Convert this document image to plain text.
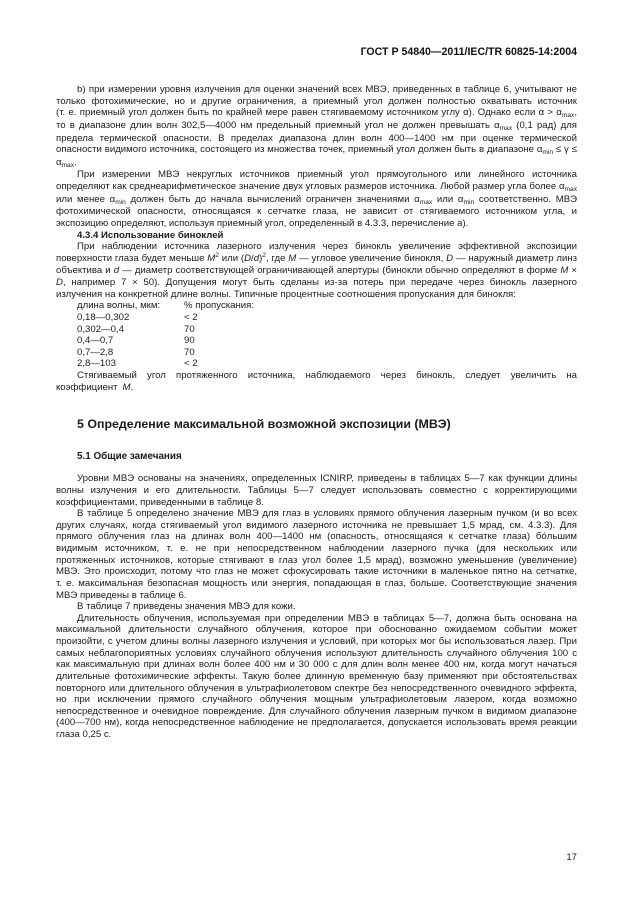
ГОСТ Р 54840—2011/IEC/TR 60825-14:2004

b) при измерении уровня излучения для оценки значений всех МВЭ, приведенных в таблице 6, учитывают не только фотохимические, но и другие ограничения, а приемный угол должен полностью охватывать источник (т. е. приемный угол должен быть по крайней мере равен стягиваемому источником углу α). Однако если $\alpha > \alpha_{max}$, то в диапазоне длин волн 302,5—4000 нм предельный приемный угол не должен превышать $\alpha_{max}$ (0,1 рад) для предела термической опасности. В пределах диапазона длин волн 400—1400 нм при оценке термической опасности видимого источника, состоящего из множества точек, приемный угол должен быть в диапазоне $\alpha_{min} \le \gamma \le \alpha_{max}$.

При измерении МВЭ некруглых источников приемный угол прямоугольного или линейного источника определяют как среднеарифметическое значение двух угловых размеров источника. Любой размер угла более $\alpha_{max}$ или менее $\alpha_{min}$ должен быть до начала вычислений ограничен значениями $\alpha_{max}$ или $\alpha_{min}$ соответственно. МВЭ фотохимической опасности, относящаяся к сетчатке глаза, не зависит от стягиваемого источником угла, и экспозицию определяют, используя приемный угол, определенный в 4.3.3, перечисление а).

4.3.4 Использование биноклей

При наблюдении источника лазерного излучения через бинокль увеличение эффективной экспозиции поверхности глаза будет меньше $M^2$ или $(D/d)^2$, где M — угловое увеличение бинокля, D — наружный диаметр линз объектива и d — диаметр соответствующей ограничивающей апертуры (бинокли обычно определяют в форме M × D, например 7 × 50). Допущения могут быть сделаны из-за потерь при передаче через бинокль лазерного излучения на конкретной длине волны. Типичные процентные соотношения пропускания для бинокля:

длина волны, мкм:	% пропускания:
0,18—0,302	< 2
0,302—0,4	70
0,4—0,7	90
0,7—2,8	70
2,8—103	< 2

Стягиваемый угол протяженного источника, наблюдаемого через бинокль, следует увеличить на коэффициент M.

5 Определение максимальной возможной экспозиции (МВЭ)

5.1 Общие замечания

Уровни МВЭ основаны на значениях, определенных ICNIRP, приведены в таблицах 5—7 как функции длины волны излучения и его длительности. Таблицы 5—7 следует использовать совместно с корректирующими коэффициентами, приведенными в таблице 8.

В таблице 5 определено значение МВЭ для глаз в условиях прямого облучения лазерным пучком (и во всех других случаях, когда стягиваемый угол видимого лазерного источника не превышает 1,5 мрад, см. 4.3.3). Для прямого облучения глаз на длинах волн 400—1400 нм (опасность, относящаяся к сетчатке глаза) бо́льшим видимым источником, т. е. не при непосредственном наблюдении лазерного пучка (для нескольких или протяженных источников, которые стягивают в глаз угол более 1,5 мрад), возможно уменьшение (увеличение) МВЭ. Это происходит, потому что глаз не может сфокусировать такие источники в маленькое пятно на сетчатке, т. е. максимальная безопасная мощность или энергия, попадающая в глаз, больше. Соответствующие значения МВЭ приведены в таблице 6.

В таблице 7 приведены значения МВЭ для кожи.

Длительность облучения, используемая при определении МВЭ в таблицах 5—7, должна быть основана на максимальной длительности случайного облучения, которое при обоснованно ожидаемом событии может произойти, с учетом длины волны лазерного излучения и условий, при которых мог бы использоваться лазер. При самых неблагопориятных условиях случайного облучения используют длительность случайного облучения 100 с как максимальную при длинах волн более 400 нм и 30 000 с для длин волн менее 400 нм, когда могут начаться длительные фотохимические эффекты. Такую более длинную временную базу применяют при обстоятельствах повторного или длительного облучения в ультрафиолетовом спектре без непосредственного очевидного эффекта, но при исключении прямого случайного облучения мощным ультрафиолетовым лазером, когда возможно непосредственное и очевидное повреждение. Для случайного облучения лазерным пучком в видимом диапазоне (400—700 нм), когда непосредственное наблюдение не предполагается, допускается использовать время реакции глаза 0,25 с.

17
